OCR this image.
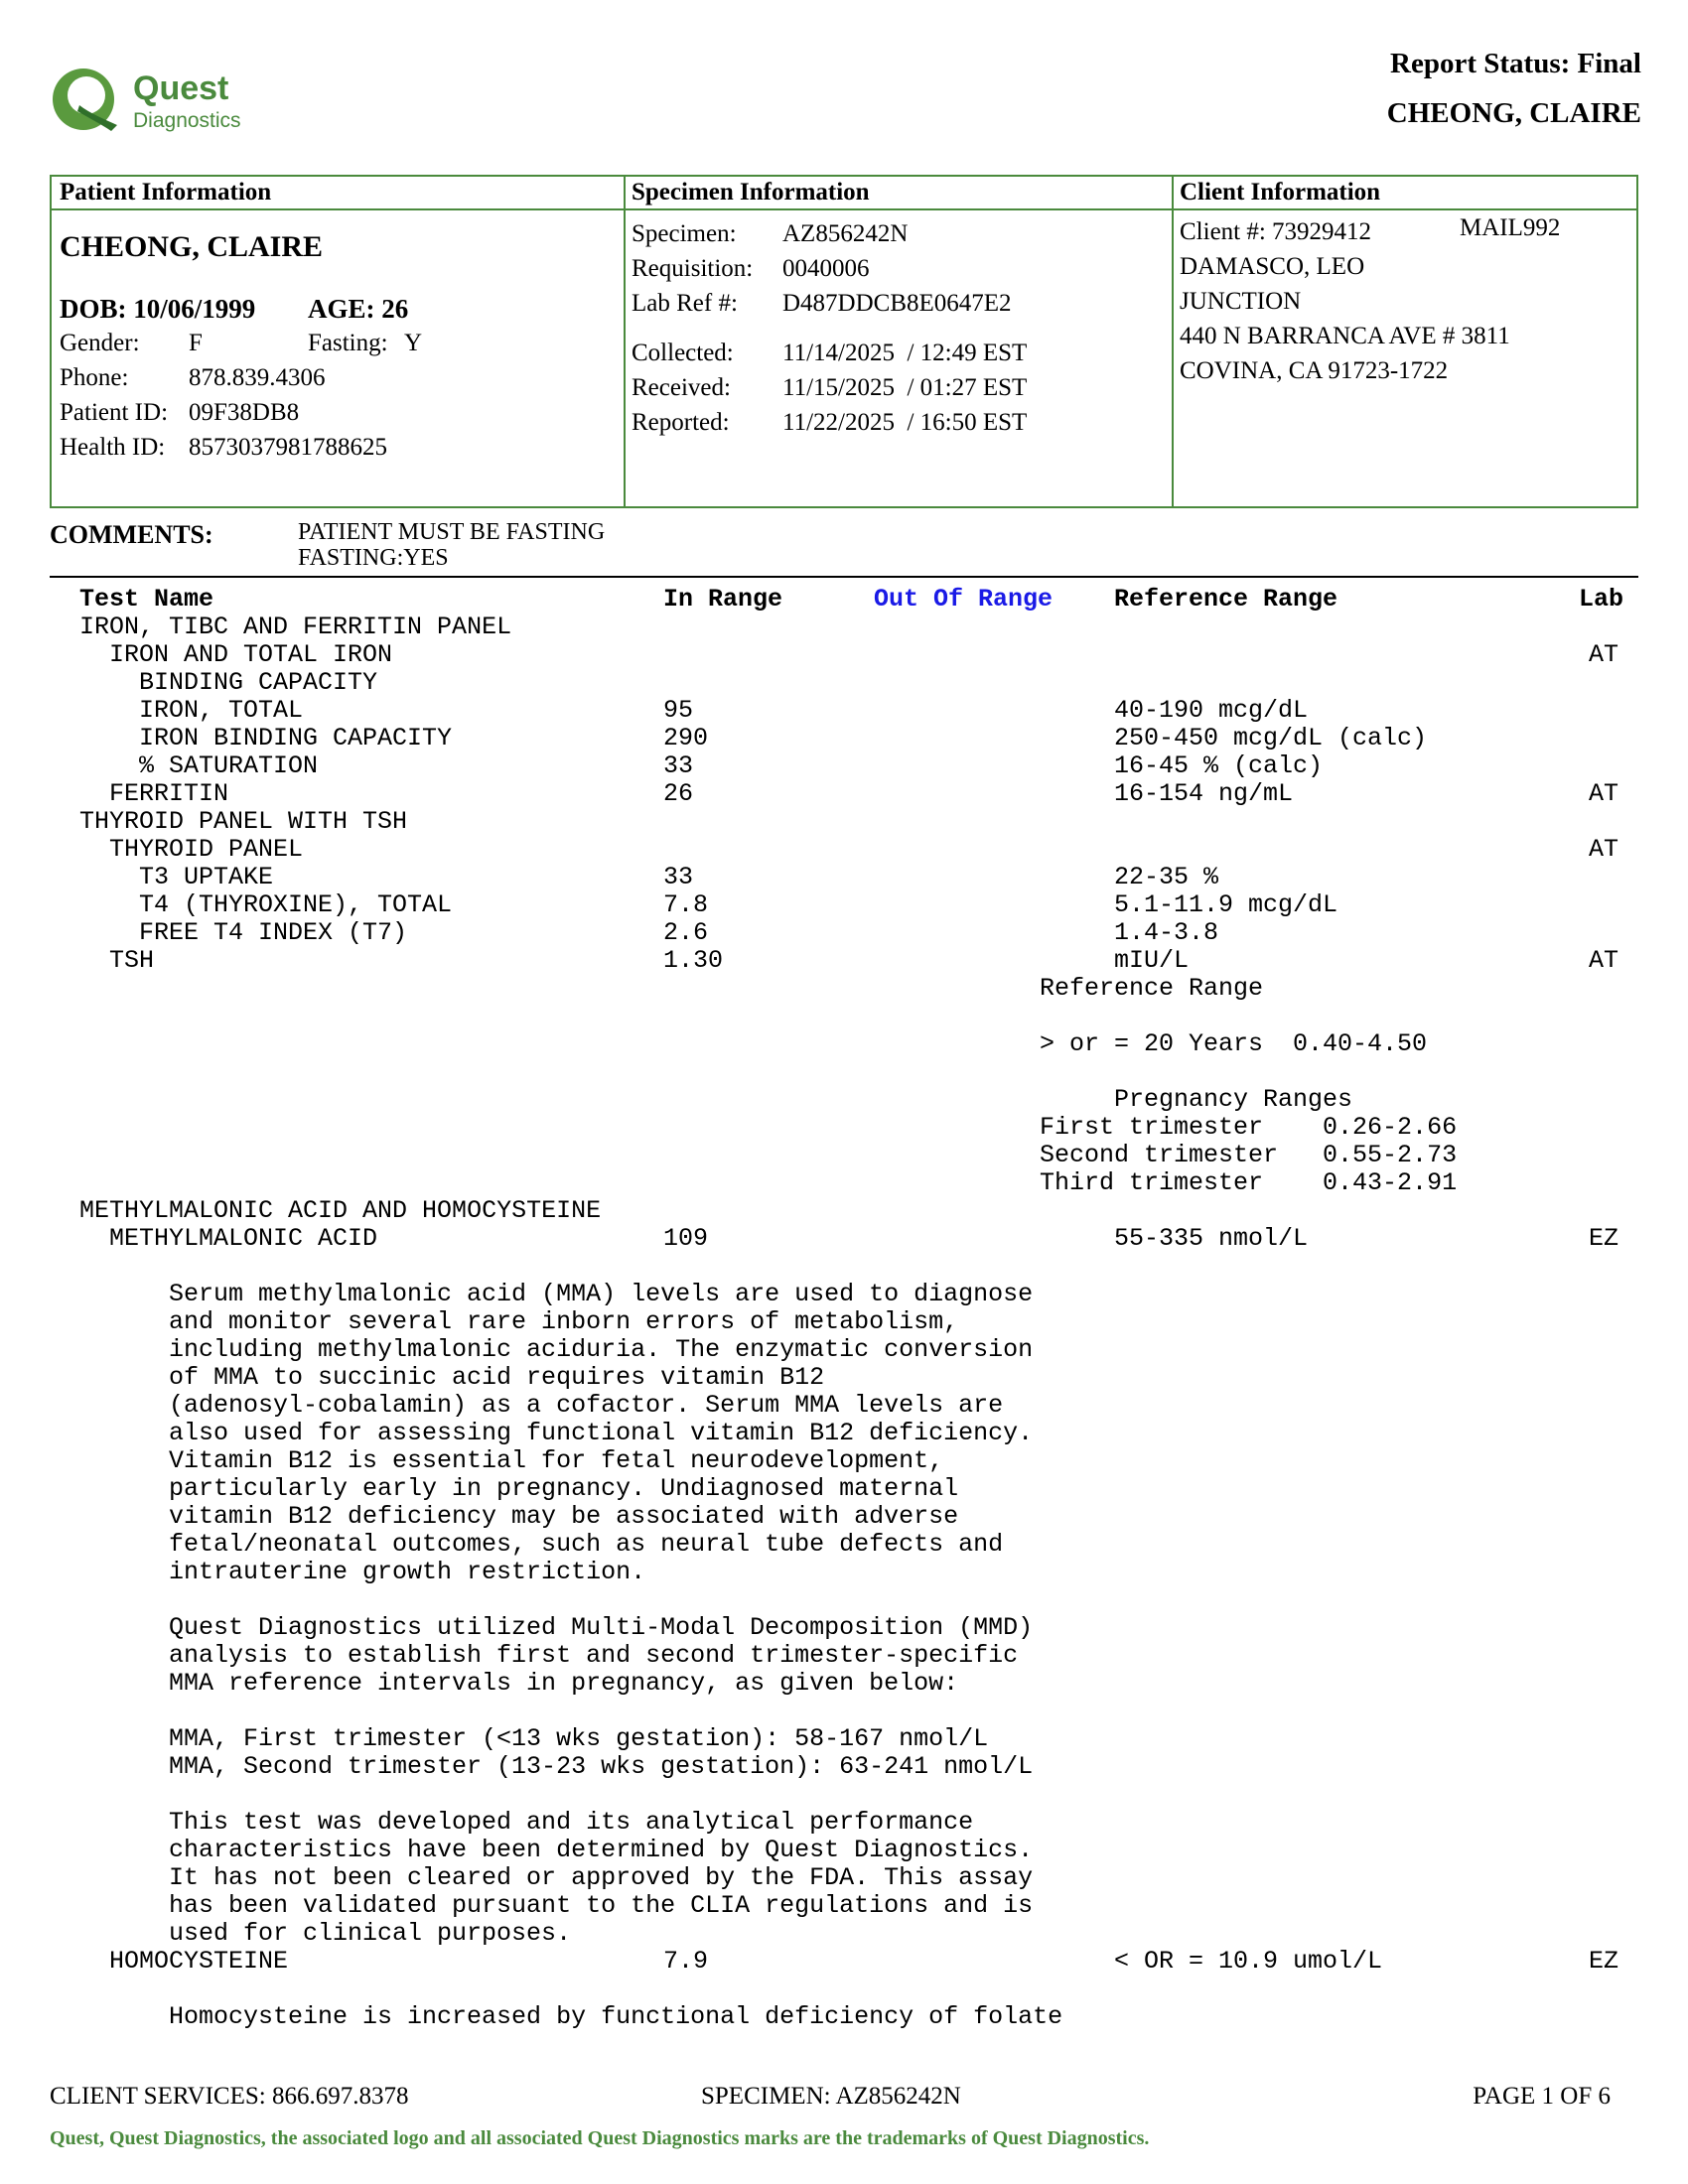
Quest
Diagnostics
Report Status: Final
CHEONG, CLAIRE
Patient Information
CHEONG, CLAIRE
DOB: 10/06/1999 AGE: 26
Gender: F	Fasting: Y
Phone: 878.839.4306
Patient ID: 09F38DB8
Health ID: 8573037981788625
Specimen Information
Specimen: AZ856242N
Requisition: 0040006
Lab Ref #: D487DDCB8E0647E2
Collected: 11/14/2025  / 12:49 EST
Received: 11/15/2025  / 01:27 EST
Reported: 11/22/2025  / 16:50 EST
Client Information
Client #: 73929412	MAIL992
DAMASCO, LEO
JUNCTION
440 N BARRANCA AVE # 3811
COVINA, CA 91723-1722
COMMENTS:	PATIENT MUST BE FASTING
FASTING:YES
Test Name	In Range	Out Of Range Reference Range	Lab
IRON, TIBC AND FERRITIN PANEL
IRON AND TOTAL IRON	AT
BINDING CAPACITY
IRON, TOTAL	95	40-190 mcg/dL
IRON BINDING CAPACITY	290	250-450 mcg/dL (calc)
% SATURATION	33	16-45 % (calc)
FERRITIN	26	16-154 ng/mL	AT
THYROID PANEL WITH TSH
THYROID PANEL	AT
T3 UPTAKE	33	22-35 %
T4 (THYROXINE), TOTAL	7.8	5.1-11.9 mcg/dL
FREE T4 INDEX (T7)	2.6	1.4-3.8
TSH	1.30	mIU/L	AT
Reference Range
> or = 20 Years  0.40-4.50
Pregnancy Ranges
First trimester    0.26-2.66
Second trimester   0.55-2.73
Third trimester    0.43-2.91
METHYLMALONIC ACID AND HOMOCYSTEINE
METHYLMALONIC ACID	109	55-335 nmol/L	EZ
Serum methylmalonic acid (MMA) levels are used to diagnose
and monitor several rare inborn errors of metabolism,
including methylmalonic aciduria. The enzymatic conversion
of MMA to succinic acid requires vitamin B12
(adenosyl-cobalamin) as a cofactor. Serum MMA levels are
also used for assessing functional vitamin B12 deficiency.
Vitamin B12 is essential for fetal neurodevelopment,
particularly early in pregnancy. Undiagnosed maternal
vitamin B12 deficiency may be associated with adverse
fetal/neonatal outcomes, such as neural tube defects and
intrauterine growth restriction.
Quest Diagnostics utilized Multi-Modal Decomposition (MMD)
analysis to establish first and second trimester-specific
MMA reference intervals in pregnancy, as given below:
MMA, First trimester (<13 wks gestation): 58-167 nmol/L
MMA, Second trimester (13-23 wks gestation): 63-241 nmol/L
This test was developed and its analytical performance
characteristics have been determined by Quest Diagnostics.
It has not been cleared or approved by the FDA. This assay
has been validated pursuant to the CLIA regulations and is
used for clinical purposes.
HOMOCYSTEINE	7.9	< OR = 10.9 umol/L	EZ
Homocysteine is increased by functional deficiency of folate
CLIENT SERVICES: 866.697.8378	SPECIMEN: AZ856242N	PAGE 1 OF 6
Quest, Quest Diagnostics, the associated logo and all associated Quest Diagnostics marks are the trademarks of Quest Diagnostics.
